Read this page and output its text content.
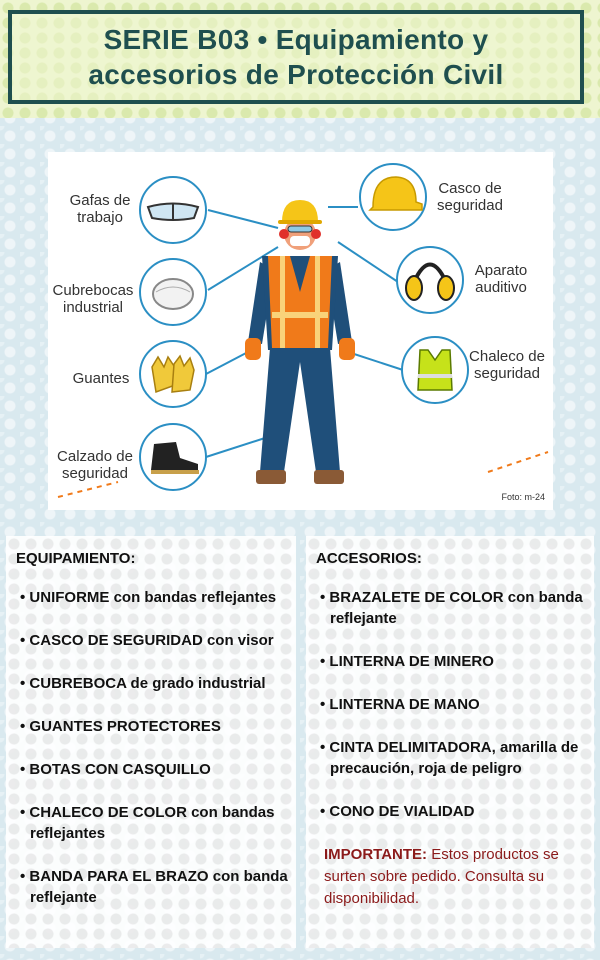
SERIE B03 • Equipamiento y
accesorios de Protección Civil
Gafas de
trabajo
Cubrebocas
industrial
Guantes
Calzado de
seguridad
Casco de
seguridad
Aparato
auditivo
Chaleco de
seguridad
Foto: m-24
EQUIPAMIENTO:
• UNIFORME con bandas reflejantes
• CASCO DE SEGURIDAD con visor
• CUBREBOCA de grado industrial
• GUANTES PROTECTORES
• BOTAS CON CASQUILLO
• CHALECO DE COLOR con bandas reflejantes
• BANDA PARA EL BRAZO con banda reflejante
ACCESORIOS:
• BRAZALETE DE COLOR con banda reflejante
• LINTERNA DE MINERO
• LINTERNA DE MANO
• CINTA DELIMITADORA, amarilla de precaución, roja de peligro
• CONO DE VIALIDAD
IMPORTANTE: Estos productos se surten sobre pedido. Consulta su disponibilidad.
